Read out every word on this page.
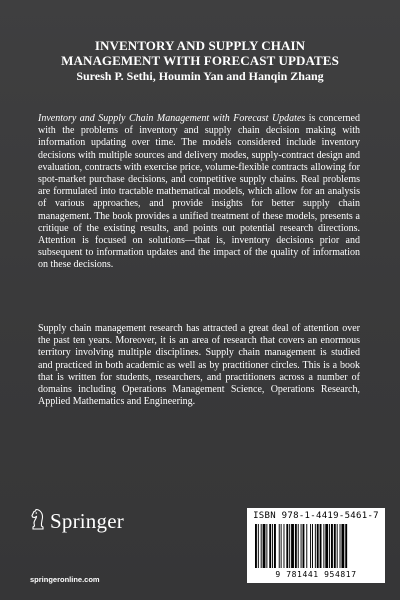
INVENTORY AND SUPPLY CHAIN
MANAGEMENT WITH FORECAST UPDATES
Suresh P. Sethi, Houmin Yan and Hanqin Zhang

Inventory and Supply Chain Management with Forecast Updates is concerned with the problems of inventory and supply chain decision making with information updating over time. The models considered include inventory decisions with multiple sources and delivery modes, supply-contract design and evaluation, contracts with exercise price, volume-flexible contracts allowing for spot-market purchase decisions, and competitive supply chains. Real problems are formulated into tractable mathematical models, which allow for an analysis of various approaches, and provide insights for better supply chain management. The book provides a unified treatment of these models, presents a critique of the existing results, and points out potential research directions. Attention is focused on solutions—that is, inventory decisions prior and subsequent to information updates and the impact of the quality of information on these decisions.

Supply chain management research has attracted a great deal of attention over the past ten years. Moreover, it is an area of research that covers an enormous territory involving multiple disciplines. Supply chain management is studied and practiced in both academic as well as by practitioner circles. This is a book that is written for students, researchers, and practitioners across a number of domains including Operations Management Science, Operations Research, Applied Mathematics and Engineering.

Springer
springeronline.com
ISBN 978-1-4419-5461-7
9 781441 954817
